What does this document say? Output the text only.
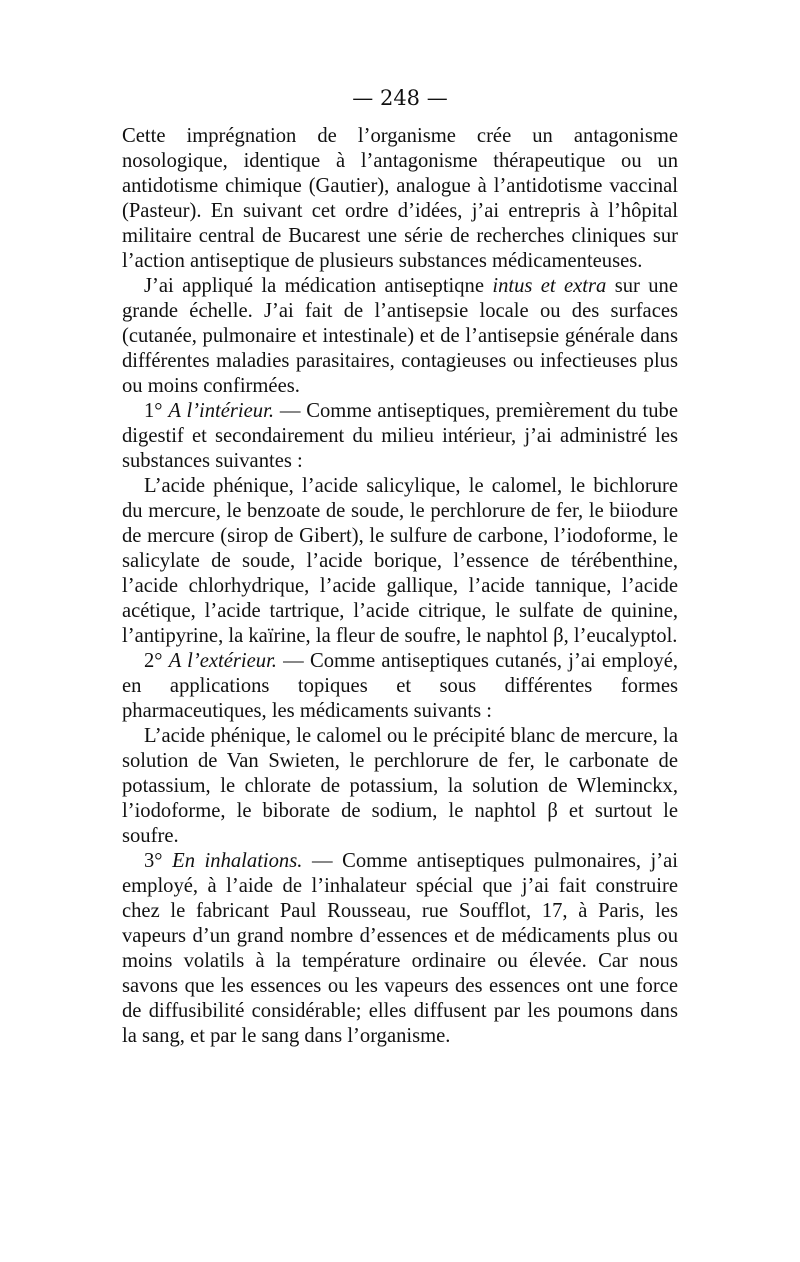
— 248 —

Cette imprégnation de l’organisme crée un antagonisme nosologique, identique à l’antagonisme thérapeutique ou un antidotisme chimique (Gautier), analogue à l’antidotisme vaccinal (Pasteur). En suivant cet ordre d’idées, j’ai entrepris à l’hôpital militaire central de Bucarest une série de recherches cliniques sur l’action antiseptique de plusieurs substances médicamenteuses.

J’ai appliqué la médication antiseptiqne intus et extra sur une grande échelle. J’ai fait de l’antisepsie locale ou des surfaces (cutanée, pulmonaire et intestinale) et de l’antisepsie générale dans différentes maladies parasitaires, contagieuses ou infectieuses plus ou moins confirmées.

1° A l’intérieur. — Comme antiseptiques, premièrement du tube digestif et secondairement du milieu intérieur, j’ai administré les substances suivantes :

L’acide phénique, l’acide salicylique, le calomel, le bichlorure du mercure, le benzoate de soude, le perchlorure de fer, le biiodure de mercure (sirop de Gibert), le sulfure de carbone, l’iodoforme, le salicylate de soude, l’acide borique, l’essence de térébenthine, l’acide chlorhydrique, l’acide gallique, l’acide tannique, l’acide acétique, l’acide tartrique, l’acide citrique, le sulfate de quinine, l’antipyrine, la kaïrine, la fleur de soufre, le naphtol β, l’eucalyptol.

2° A l’extérieur. — Comme antiseptiques cutanés, j’ai employé, en applications topiques et sous différentes formes pharmaceutiques, les médicaments suivants :

L’acide phénique, le calomel ou le précipité blanc de mercure, la solution de Van Swieten, le perchlorure de fer, le carbonate de potassium, le chlorate de potassium, la solution de Wleminckx, l’iodoforme, le biborate de sodium, le naphtol β et surtout le soufre.

3° En inhalations. — Comme antiseptiques pulmonaires, j’ai employé, à l’aide de l’inhalateur spécial que j’ai fait construire chez le fabricant Paul Rousseau, rue Soufflot, 17, à Paris, les vapeurs d’un grand nombre d’essences et de médicaments plus ou moins volatils à la température ordinaire ou élevée. Car nous savons que les essences ou les vapeurs des essences ont une force de diffusibilité considérable; elles diffusent par les poumons dans la sang, et par le sang dans l’organisme.
